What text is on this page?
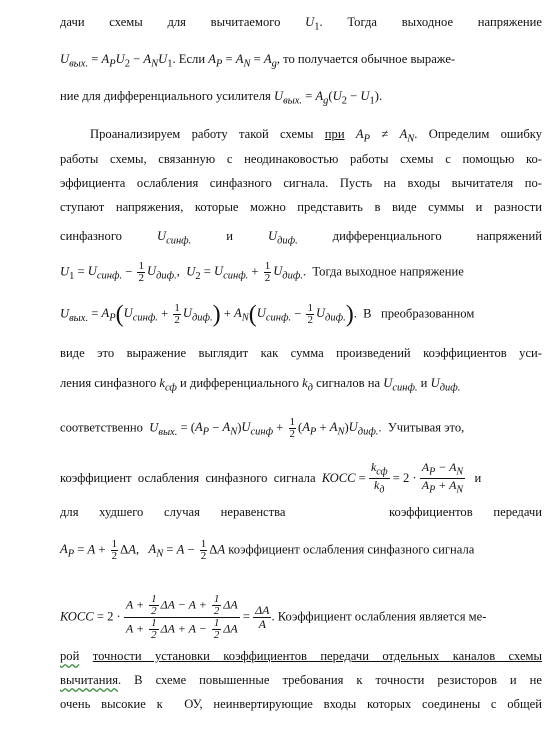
дачи схемы для вычитаемого $U_1$. Тогда выходное напряжение
$U_{вых.} = A_PU_2 - A_NU_1$. Если $A_P = A_N = A_g$, то получается обычное выраже-
ние для дифференциального усилителя $U_{вых.} = A_g(U_2 - U_1)$.
Проанализируем работу такой схемы при $A_P \ne A_N$. Определим ошибку
работы схемы, связанную с неодинаковостью работы схемы с помощью ко-
эффициента ослабления синфазного сигнала. Пусть на входы вычитателя по-
ступают напряжения, которые можно представить в виде суммы и разности
синфазного $U_{синф.}$ и $U_{диф.}$ дифференциального напряжений
$U_1 = U_{синф.} - \frac{1}{2} U_{диф.}$,  $U_2 = U_{синф.} + \frac{1}{2} U_{диф.}$.  Тогда выходное напряжение
$U_{вых.} = A_P(U_{синф.} + \frac{1}{2} U_{диф.}) + A_N(U_{синф.} - \frac{1}{2} U_{диф.})$.  В   преобразованном
виде это выражение выглядит как сумма произведений коэффициентов уси-
ления синфазного $k_{сф}$ и дифференциального $k_д$ сигналов на $U_{синф.}$ и $U_{диф.}$
соответственно  $U_{вых.} = (A_P - A_N)U_{синф} + \frac{1}{2} (A_P + A_N)U_{диф.}$.  Учитывая это,
коэффициент  ослабления  синфазного  сигнала  КОСС = $\frac{k_{сф}}{k_д} = 2 \cdot \frac{A_P - A_N}{A_P + A_N}$ и
для худшего случая неравенства     коэффициентов передачи
$A_P = A + \frac{1}{2} \Delta A$,   $A_N = A - \frac{1}{2}$ ΔA коэффициент ослабления синфазного сигнала
КОСС = $2 \cdot \frac{A + \frac{1}{2} \Delta A - A + \frac{1}{2} \Delta A}{A + \frac{1}{2} \Delta A + A - \frac{1}{2} \Delta A} = \frac{\Delta A}{A}$ . Коэффициент ослабления является ме-
рой точности установки коэффициентов передачи отдельных каналов схемы
вычитания. В схеме повышенные требования к точности резисторов и не
очень высокие к  ОУ, неинвертирующие входы которых соединены с общей
